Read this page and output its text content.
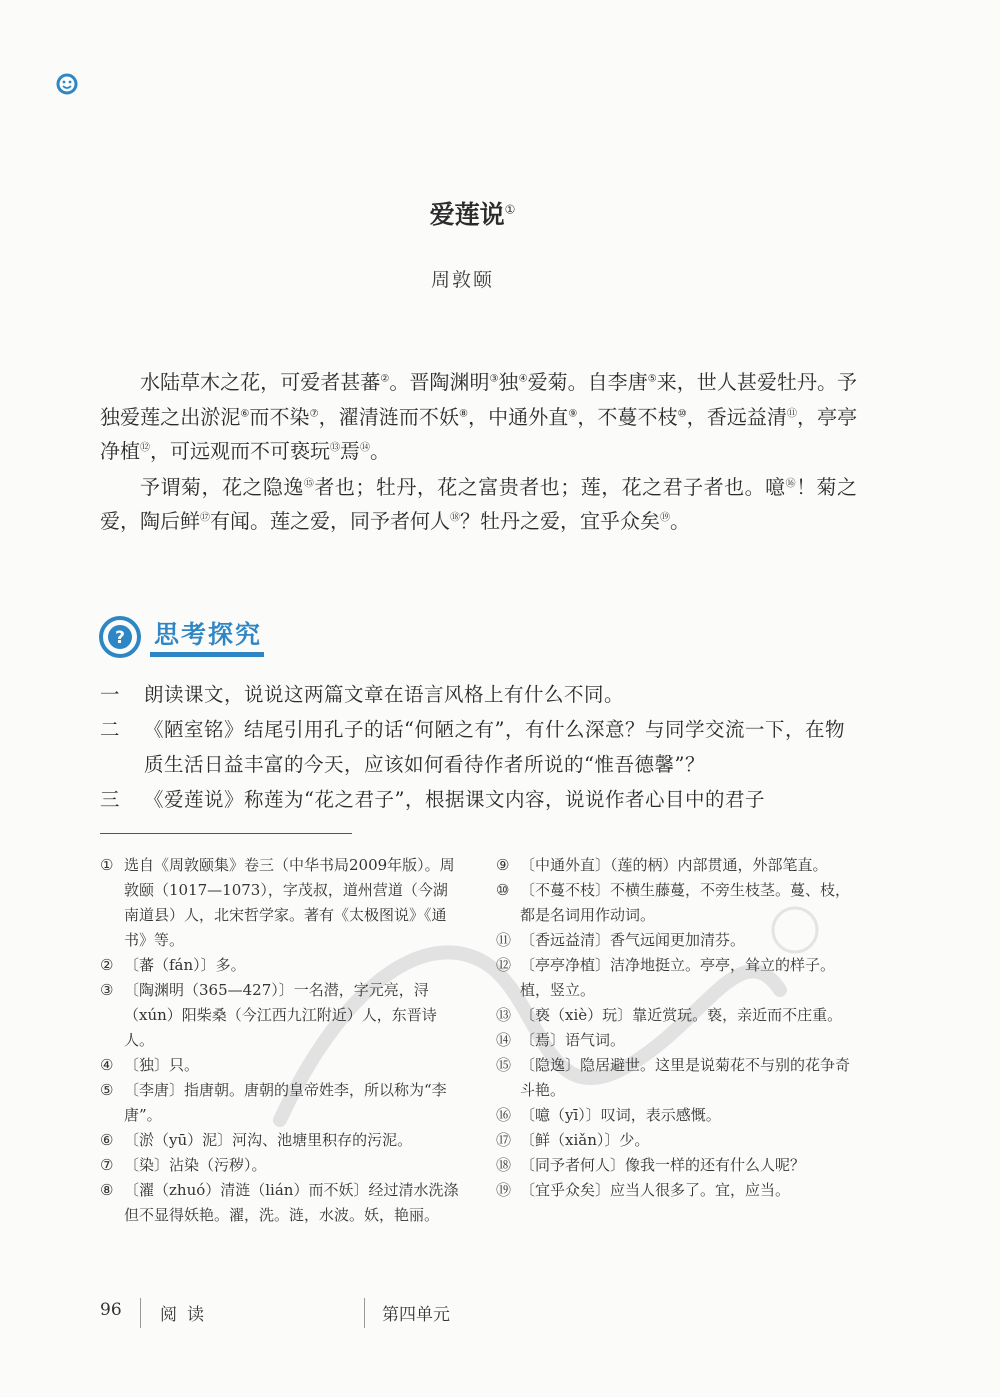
爱莲说①
周敦颐

水陆草木之花，可爱者甚蕃②。晋陶渊明③独④爱菊。自李唐⑤来，世人甚爱牡丹。予独爱莲之出淤泥⑥而不染⑦，濯清涟而不妖⑧，中通外直⑨，不蔓不枝⑩，香远益清⑪，亭亭净植⑫，可远观而不可亵玩⑬焉⑭。

予谓菊，花之隐逸⑮者也；牡丹，花之富贵者也；莲，花之君子者也。噫⑯！菊之爱，陶后鲜⑰有闻。莲之爱，同予者何人⑱？牡丹之爱，宜乎众矣⑲。

? 思考探究
一	朗读课文，说说这两篇文章在语言风格上有什么不同。
二	《陋室铭》结尾引用孔子的话“何陋之有”，有什么深意？与同学交流一下，在物质生活日益丰富的今天，应该如何看待作者所说的“惟吾德馨”？
三	《爱莲说》称莲为“花之君子”，根据课文内容，说说作者心目中的君子
① 选自《周敦颐集》卷三（中华书局2009年版）。周敦颐（1017—1073），字茂叔，道州营道（今湖南道县）人，北宋哲学家。著有《太极图说》《通书》等。
② 〔蕃（fán）〕多。
③ 〔陶渊明（365—427）〕一名潜，字元亮，浔（xún）阳柴桑（今江西九江附近）人，东晋诗人。
④ 〔独〕只。
⑤ 〔李唐〕指唐朝。唐朝的皇帝姓李，所以称为“李唐”。
⑥ 〔淤（yū）泥〕河沟、池塘里积存的污泥。
⑦ 〔染〕沾染（污秽）。
⑧ 〔濯（zhuó）清涟（lián）而不妖〕经过清水洗涤但不显得妖艳。濯，洗。涟，水波。妖，艳丽。
⑨ 〔中通外直〕（莲的柄）内部贯通，外部笔直。
⑩ 〔不蔓不枝〕不横生藤蔓，不旁生枝茎。蔓、枝，都是名词用作动词。
⑪ 〔香远益清〕香气远闻更加清芬。
⑫ 〔亭亭净植〕洁净地挺立。亭亭，耸立的样子。植，竖立。
⑬ 〔亵（xiè）玩〕靠近赏玩。亵，亲近而不庄重。
⑭ 〔焉〕语气词。
⑮ 〔隐逸〕隐居避世。这里是说菊花不与别的花争奇斗艳。
⑯ 〔噫（yī）〕叹词，表示感慨。
⑰ 〔鲜（xiǎn）〕少。
⑱ 〔同予者何人〕像我一样的还有什么人呢？
⑲ 〔宜乎众矣〕应当人很多了。宜，应当。
96 阅读	第四单元
